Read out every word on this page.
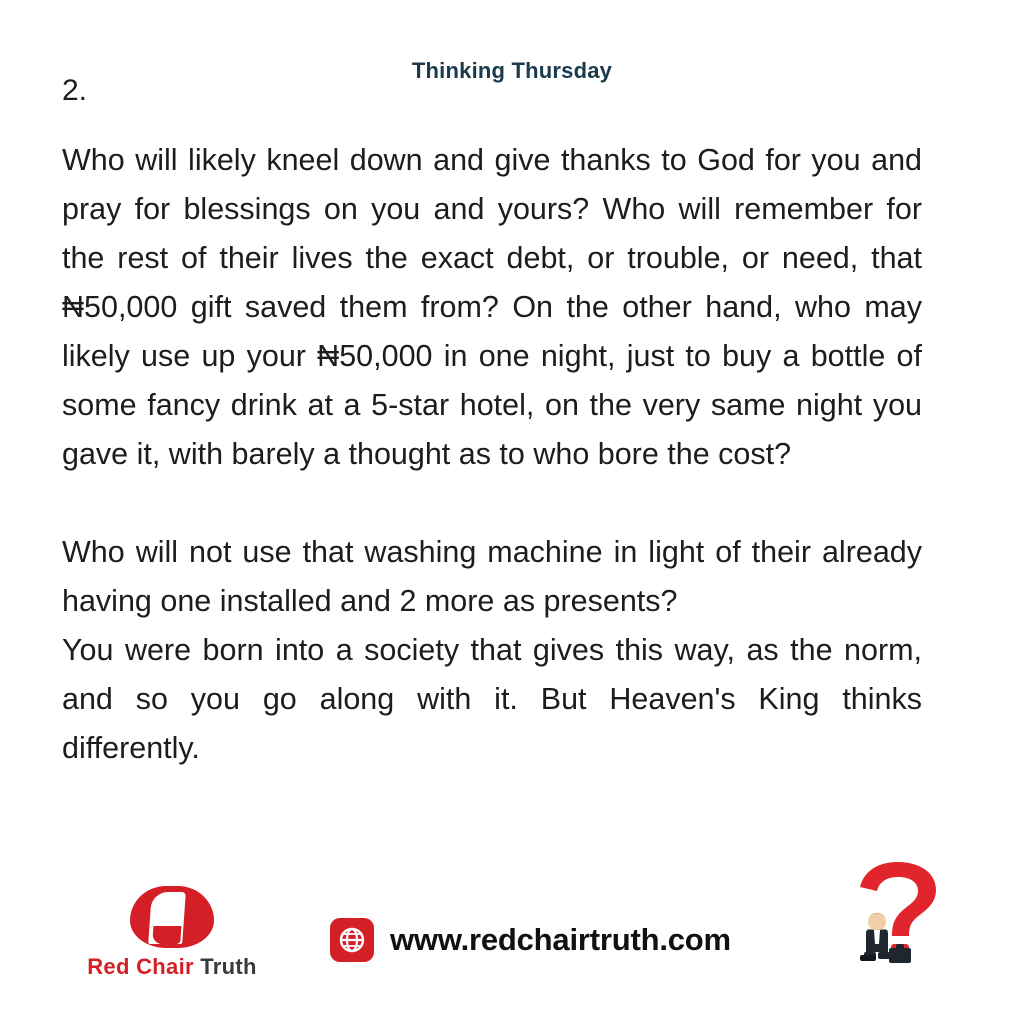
Thinking Thursday
2.

Who will likely kneel down and give thanks to God for you and pray for blessings on you and yours? Who will remember for the rest of their lives the exact debt, or trouble, or need, that ₦50,000 gift saved them from? On the other hand, who may likely use up your ₦50,000 in one night, just to buy a bottle of some fancy drink at a 5-star hotel, on the very same night you gave it, with barely a thought as to who bore the cost?

Who will not use that washing machine in light of their already having one installed and 2 more as presents?

You were born into a society that gives this way, as the norm, and so you go along with it. But Heaven's King thinks differently.

Red Chair Truth
www.redchairtruth.com
